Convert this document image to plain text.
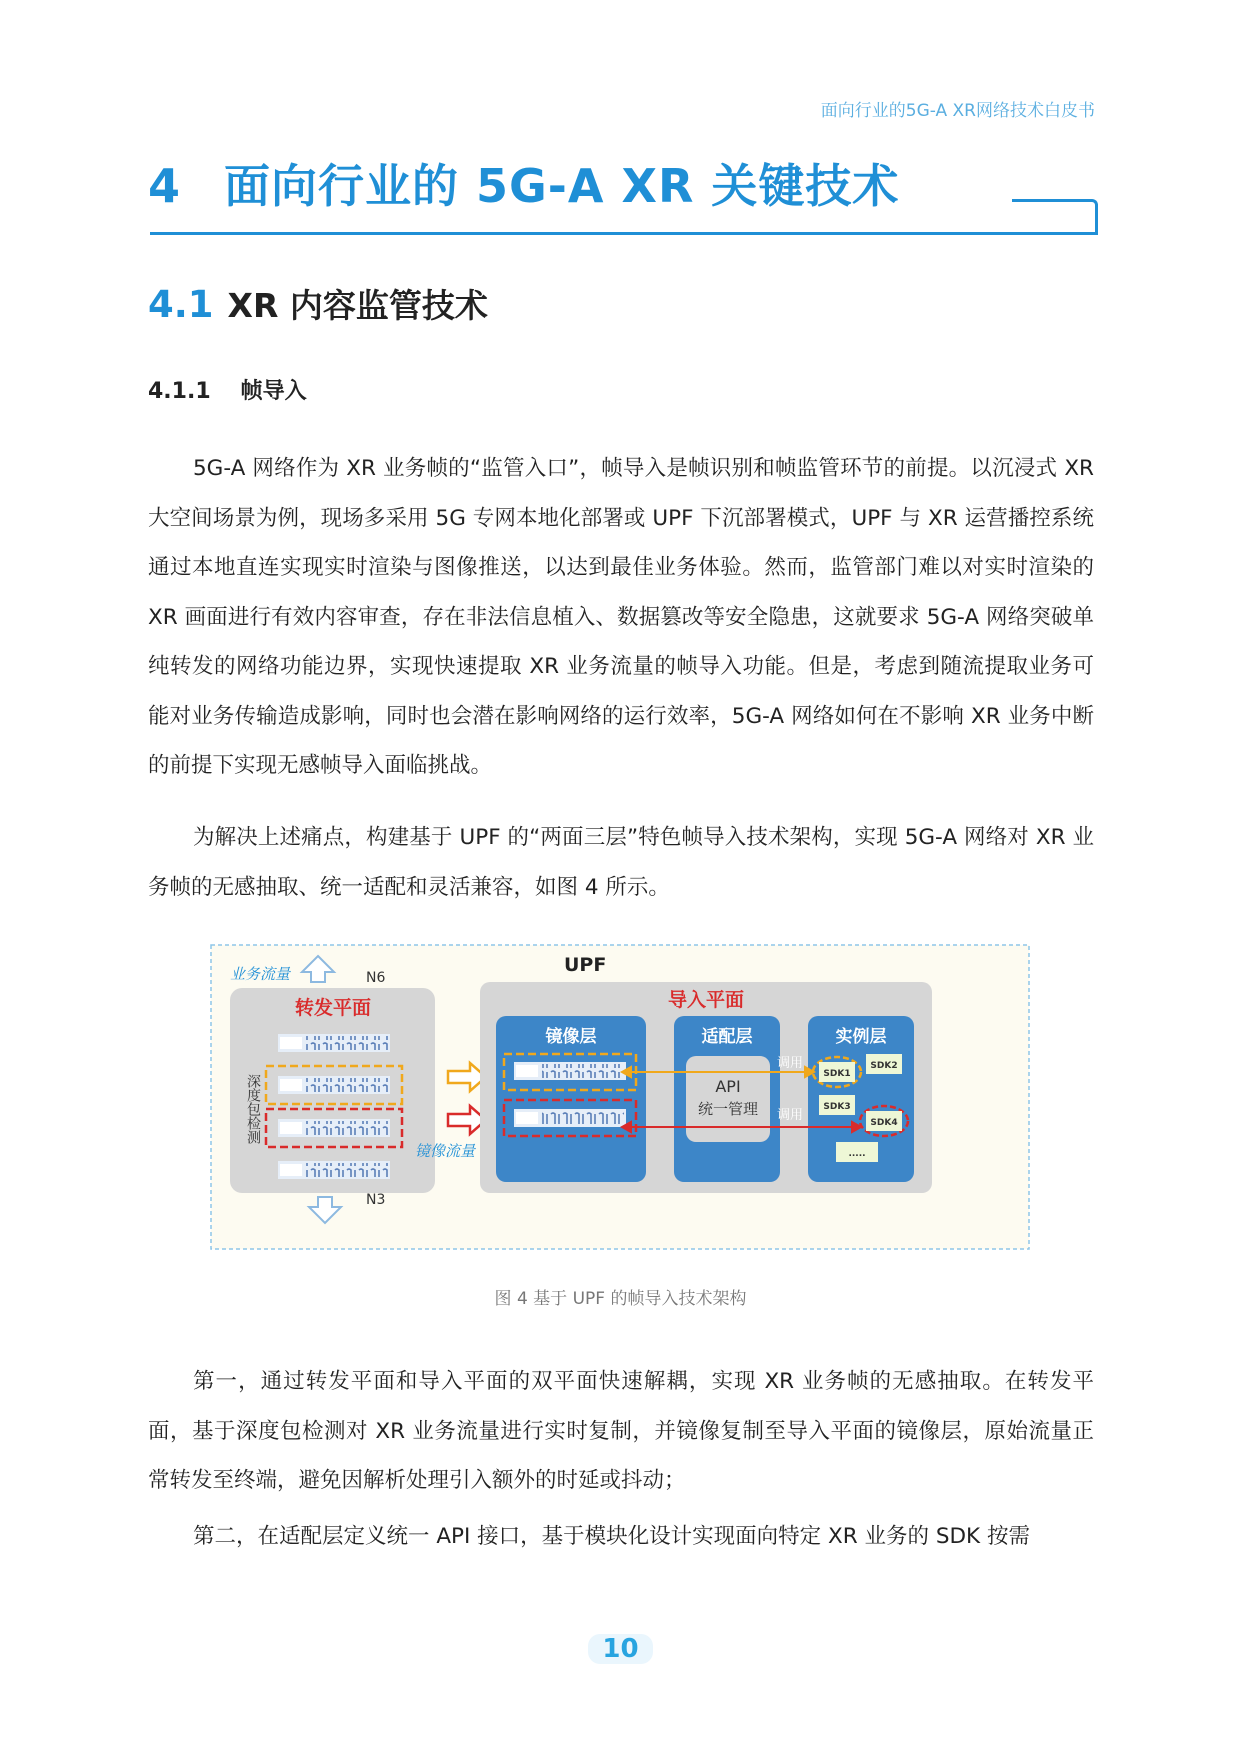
面向行业的5G-A XR网络技术白皮书
4 面向行业的 5G-A XR 关键技术
4.1 XR 内容监管技术
4.1.1 帧导入

5G-A 网络作为 XR 业务帧的“监管入口”，帧导入是帧识别和帧监管环节的前提。以沉浸式 XR 大空间场景为例，现场多采用 5G 专网本地化部署或 UPF 下沉部署模式，UPF 与 XR 运营播控系统通过本地直连实现实时渲染与图像推送，以达到最佳业务体验。然而，监管部门难以对实时渲染的 XR 画面进行有效内容审查，存在非法信息植入、数据篡改等安全隐患，这就要求 5G-A 网络突破单纯转发的网络功能边界，实现快速提取 XR 业务流量的帧导入功能。但是，考虑到随流提取业务可能对业务传输造成影响，同时也会潜在影响网络的运行效率，5G-A 网络如何在不影响 XR 业务中断的前提下实现无感帧导入面临挑战。

为解决上述痛点，构建基于 UPF 的“两面三层”特色帧导入技术架构，实现 5G-A 网络对 XR 业务帧的无感抽取、统一适配和灵活兼容，如图 4 所示。

业务流量	N6
UPF
转发平面
深度包检测
N3
镜像流量
导入平面
镜像层	适配层
API
统一管理
实例层
调用
调用
SDK1
SDK2
SDK3
SDK4
.....
图 4 基于 UPF 的帧导入技术架构

第一，通过转发平面和导入平面的双平面快速解耦，实现 XR 业务帧的无感抽取。在转发平面，基于深度包检测对 XR 业务流量进行实时复制，并镜像复制至导入平面的镜像层，原始流量正常转发至终端，避免因解析处理引入额外的时延或抖动；

第二，在适配层定义统一 API 接口，基于模块化设计实现面向特定 XR 业务的 SDK 按需

10
